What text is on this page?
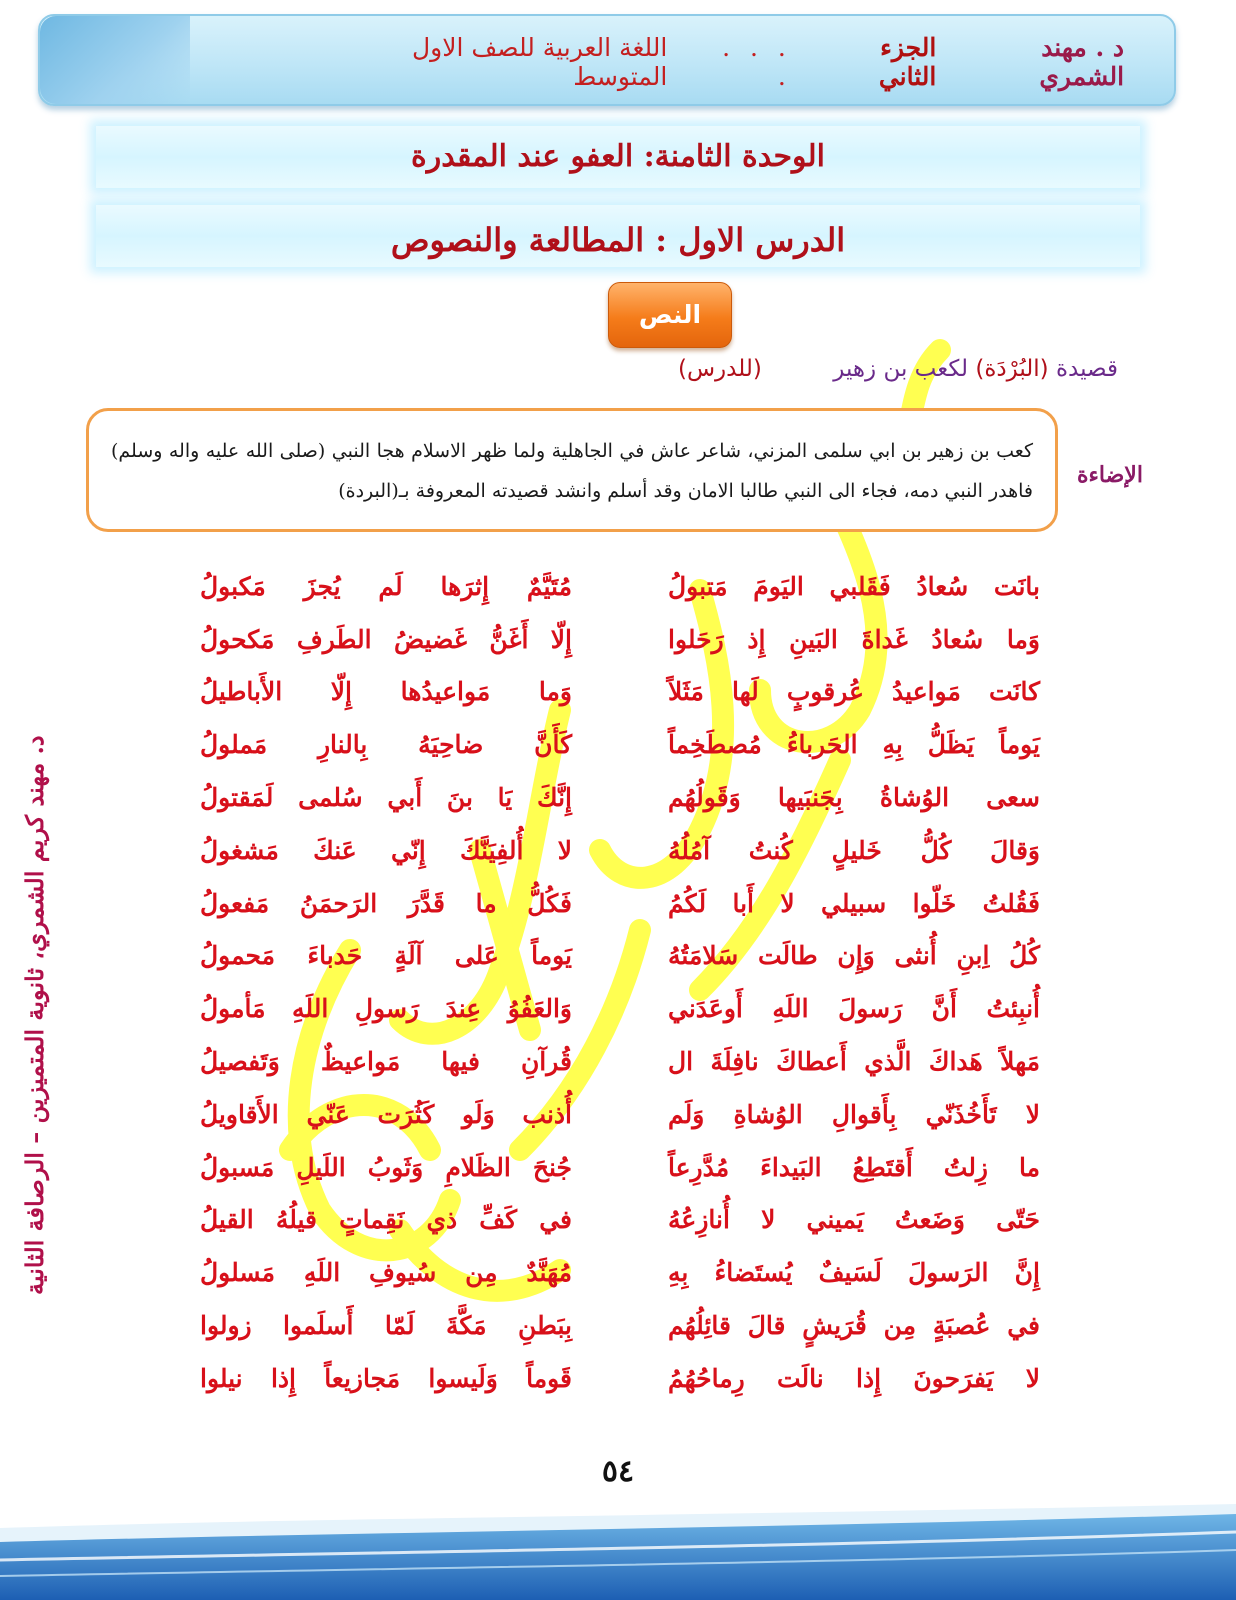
اللغة العربية للصف الاول المتوسط
. . . .
الجزء الثاني
د . مهند الشمري
الوحدة الثامنة: العفو عند المقدرة
الدرس الاول : المطالعة والنصوص
النص
قصيدة (البُرْدَة) لكعب بن زهير
(للدرس)
الإضاءة
كعب بن زهير بن ابي سلمى المزني، شاعر عاش في الجاهلية ولما ظهر الاسلام هجا النبي (صلى الله عليه واله وسلم) فاهدر النبي دمه، فجاء الى النبي طالبا الامان وقد أسلم وانشد قصيدته المعروفة بـ(البردة)
د. مهند كريم الشمري، ثانوية المتميزين – الرصافة الثانية
بانَت سُعادُ فَقَلبي اليَومَ مَتبولُ
مُتَيَّمٌ إِثرَها لَم يُجزَ مَكبولُ
وَما سُعادُ غَداةَ البَينِ إِذ رَحَلوا
إِلّا أَغَنُّ غَضيضُ الطَرفِ مَكحولُ
كانَت مَواعيدُ عُرقوبٍ لَها مَثَلاً
وَما مَواعيدُها إِلّا الأَباطيلُ
يَوماً يَظَلُّ بِهِ الحَرباءُ مُصطَخِماً
كَأَنَّ ضاحِيَهُ بِالنارِ مَملولُ
سعى الوُشاةُ بِجَنبَيها وَقَولُهُم
إِنَّكَ يَا بنَ أَبي سُلمى لَمَقتولُ
وَقالَ كُلُّ خَليلٍ كُنتُ آمُلُهُ
لا أُلفِيَنَّكَ إِنّي عَنكَ مَشغولُ
فَقُلتُ خَلّوا سبيلي لا أَبا لَكُمُ
فَكُلُّ ما قَدَّرَ الرَحمَنُ مَفعولُ
كُلُ اِبنِ أُنثى وَإِن طالَت سَلامَتُهُ
يَوماً عَلى آلَةٍ حَدباءَ مَحمولُ
أُنبِئتُ أَنَّ رَسولَ اللَهِ أَوعَدَني
وَالعَفُوُ عِندَ رَسولِ اللَهِ مَأمولُ
مَهلاً هَداكَ الَّذي أَعطاكَ نافِلَةَ ال
قُرآنِ فيها مَواعيظٌ وَتَفصيلُ
لا تَأَخُذَنّي بِأَقوالِ الوُشاةِ وَلَم
أُذنب وَلَو كَثُرَت عَنّي الأَقاويلُ
ما زِلتُ أَقتَطِعُ البَيداءَ مُدَّرِعاً
جُنحَ الظَلامِ وَثَوبُ اللَيلِ مَسبولُ
حَتّى وَضَعتُ يَميني لا أُنازِعُهُ
في كَفِّ ذي نَقِماتٍ قيلُهُ القيلُ
إِنَّ الرَسولَ لَسَيفٌ يُستَضاءُ بِهِ
مُهَنَّدٌ مِن سُيوفِ اللَهِ مَسلولُ
في عُصبَةٍ مِن قُرَيشٍ قالَ قائِلُهُم
بِبَطنِ مَكَّةَ لَمّا أَسلَموا زولوا
لا يَفرَحونَ إِذا نالَت رِماحُهُمُ
قَوماً وَلَيسوا مَجازيعاً إِذا نيلوا
٥٤
